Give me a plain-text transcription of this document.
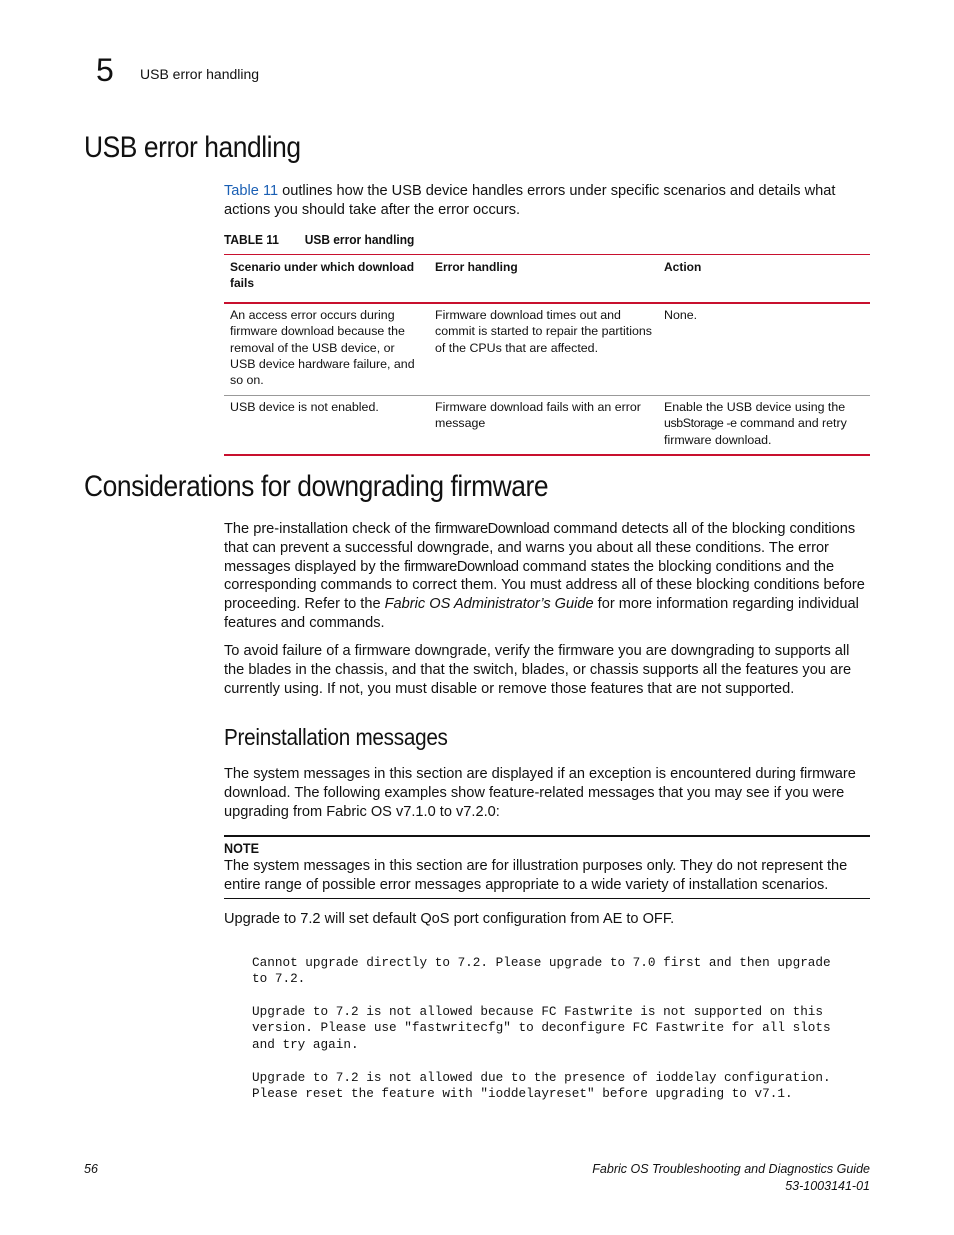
5 USB error handling
USB error handling

Table 11 outlines how the USB device handles errors under specific scenarios and details what actions you should take after the error occurs.

TABLE 11 USB error handling
Scenario under which download fails	Error handling	Action
An access error occurs during firmware download because the removal of the USB device, or USB device hardware failure, and so on.	Firmware download times out and commit is started to repair the partitions of the CPUs that are affected.	None.
USB device is not enabled.	Firmware download fails with an error message	Enable the USB device using the usbStorage -e command and retry firmware download.
Considerations for downgrading firmware

The pre-installation check of the firmwareDownload command detects all of the blocking conditions that can prevent a successful downgrade, and warns you about all these conditions. The error messages displayed by the firmwareDownload command states the blocking conditions and the corresponding commands to correct them. You must address all of these blocking conditions before proceeding. Refer to the Fabric OS Administrator’s Guide for more information regarding individual features and commands.

To avoid failure of a firmware downgrade, verify the firmware you are downgrading to supports all the blades in the chassis, and that the switch, blades, or chassis supports all the features you are currently using. If not, you must disable or remove those features that are not supported.

Preinstallation messages

The system messages in this section are displayed if an exception is encountered during firmware download. The following examples show feature-related messages that you may see if you were upgrading from Fabric OS v7.1.0 to v7.2.0:

NOTE

The system messages in this section are for illustration purposes only. They do not represent the entire range of possible error messages appropriate to a wide variety of installation scenarios.

Upgrade to 7.2 will set default QoS port configuration from AE to OFF.

Cannot upgrade directly to 7.2. Please upgrade to 7.0 first and then upgrade
to 7.2.
Upgrade to 7.2 is not allowed because FC Fastwrite is not supported on this
version. Please use "fastwritecfg" to deconfigure FC Fastwrite for all slots
and try again.
Upgrade to 7.2 is not allowed due to the presence of ioddelay configuration.
Please reset the feature with "ioddelayreset" before upgrading to v7.1.
56	Fabric OS Troubleshooting and Diagnostics Guide
53-1003141-01
